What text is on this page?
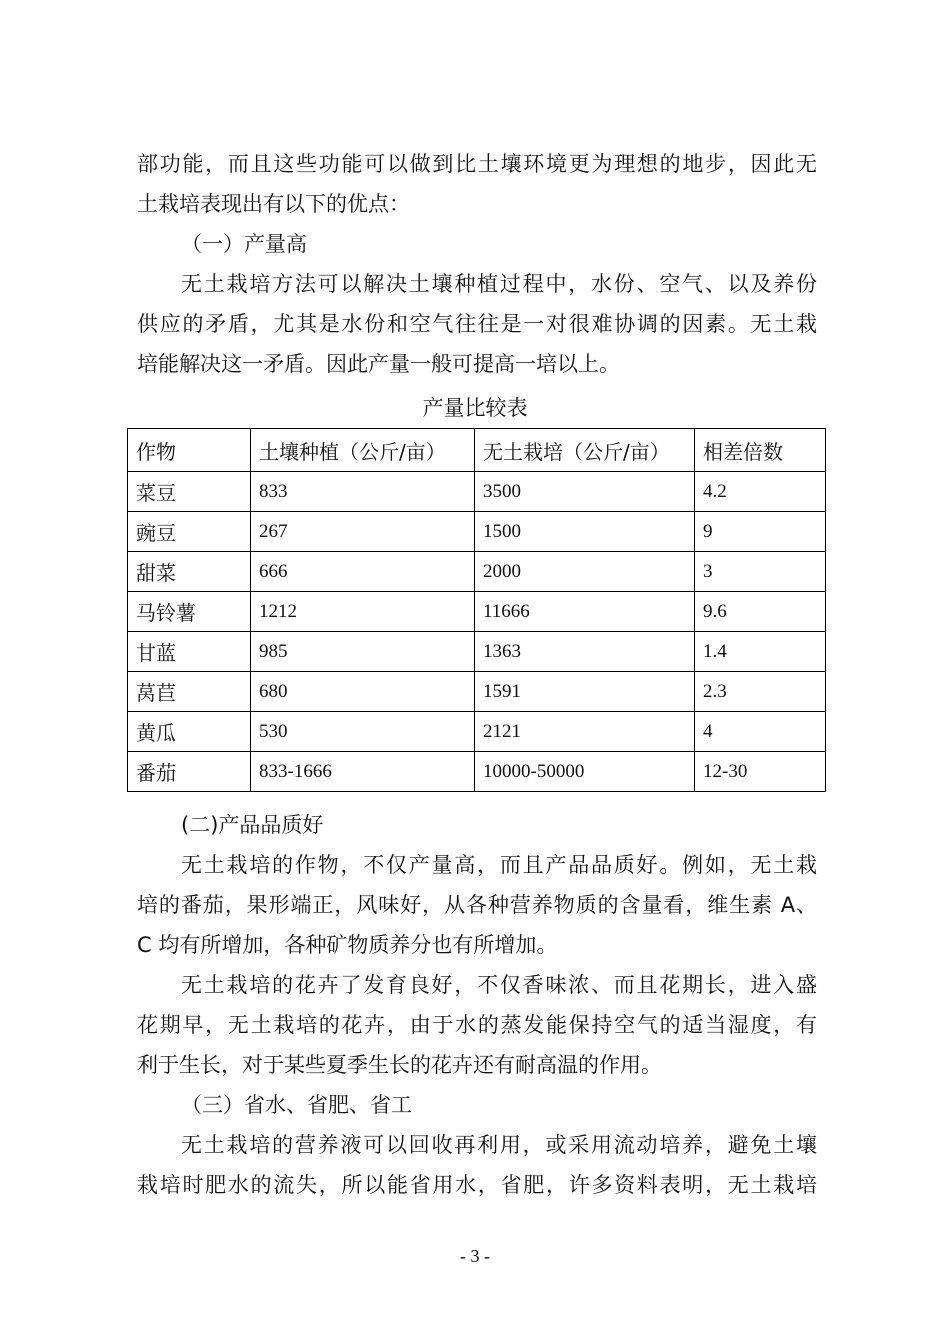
部功能，而且这些功能可以做到比土壤环境更为理想的地步，因此无
土栽培表现出有以下的优点：
（一）产量高
无土栽培方法可以解决土壤种植过程中，水份、空气、以及养份
供应的矛盾，尤其是水份和空气往往是一对很难协调的因素。无土栽
培能解决这一矛盾。因此产量一般可提高一培以上。
产量比较表
作物	土壤种植（公斤/亩）	无土栽培（公斤/亩）	相差倍数
菜豆	833	3500	4.2
豌豆	267	1500	9
甜菜	666	2000	3
马铃薯	1212	11666	9.6
甘蓝	985	1363	1.4
莴苣	680	1591	2.3
黄瓜	530	2121	4
番茄	833-1666	10000-50000	12-30
(二)产品品质好
无土栽培的作物，不仅产量高，而且产品品质好。例如，无土栽
培的番茄，果形端正，风味好，从各种营养物质的含量看，维生素 A、
C 均有所增加，各种矿物质养分也有所增加。
无土栽培的花卉了发育良好，不仅香味浓、而且花期长，进入盛
花期早，无土栽培的花卉，由于水的蒸发能保持空气的适当湿度，有
利于生长，对于某些夏季生长的花卉还有耐高温的作用。
（三）省水、省肥、省工
无土栽培的营养液可以回收再利用，或采用流动培养，避免土壤
栽培时肥水的流失，所以能省用水，省肥，许多资料表明，无土栽培
- 3 -
